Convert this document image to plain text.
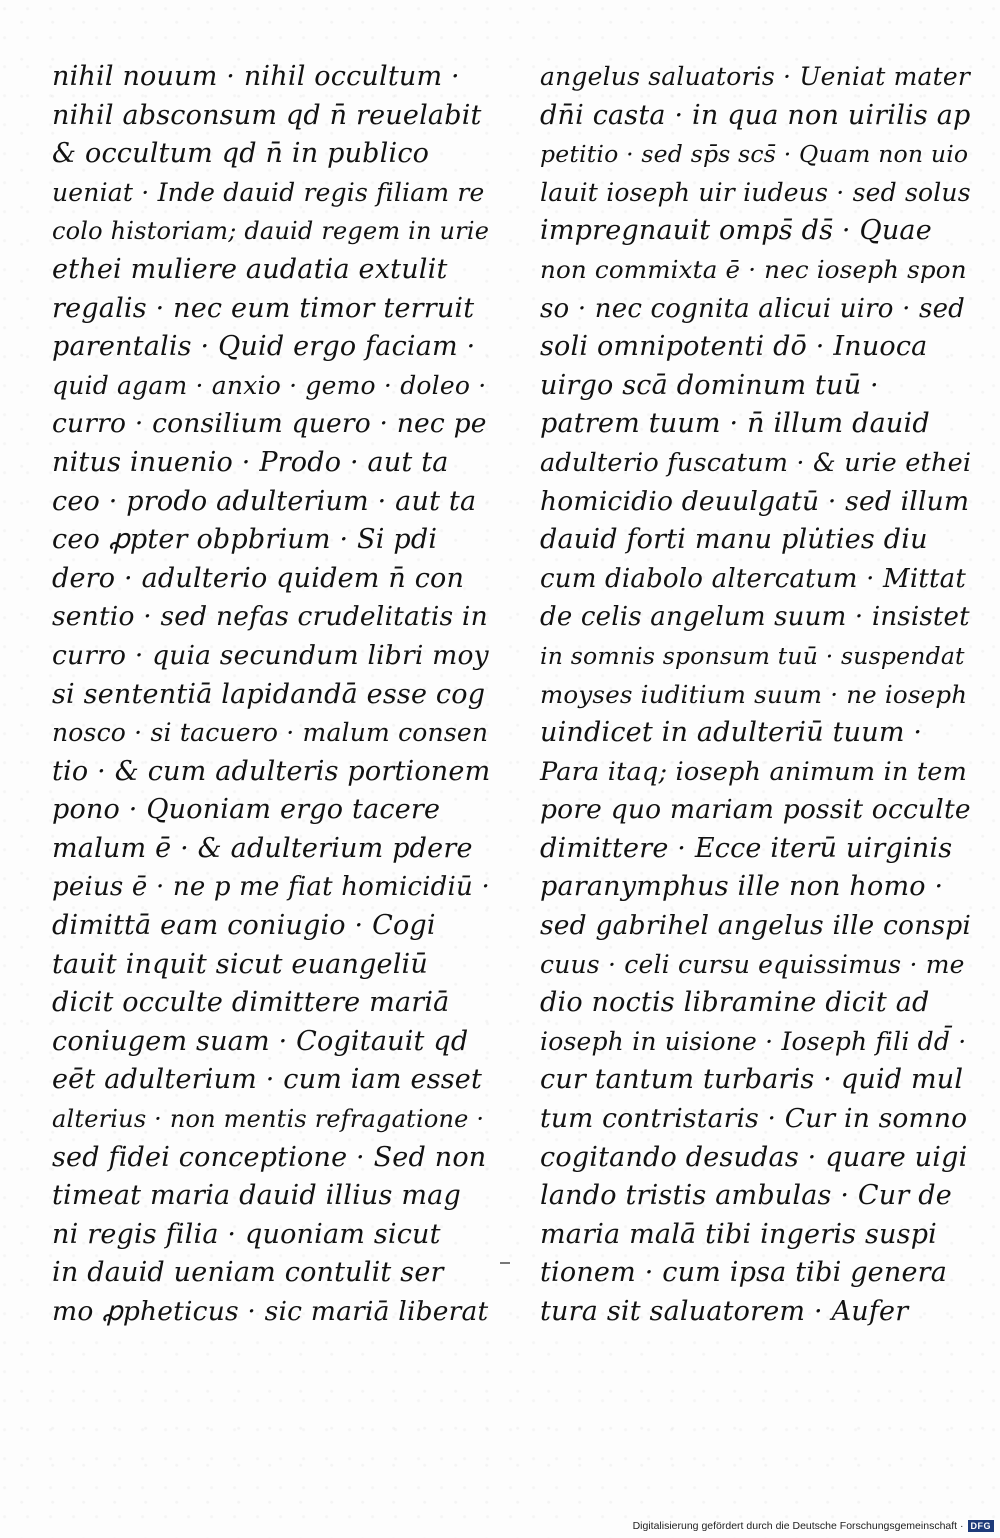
nihil nouum · nihil occultum ·
nihil absconsum qd n̄ reuelabit
& occultum qd n̄ in publico
ueniat · Inde dauid regis filiam re
colo historiam; dauid regem in urie
ethei muliere audatia extulit
regalis · nec eum timor terruit
parentalis · Quid ergo faciam ·
quid agam · anxio · gemo · doleo ·
curro · consilium quero · nec pe
nitus inuenio · Prodo · aut ta
ceo · prodo adulterium · aut ta
ceo ꝓpter obpbrium · Si pdi
dero · adulterio quidem n̄ con
sentio · sed nefas crudelitatis in
curro · quia secundum libri moy
si sententiā lapidandā esse cog
nosco · si tacuero · malum consen
tio · & cum adulteris portionem
pono · Quoniam ergo tacere
malum ē · & adulterium pdere
peius ē · ne p me fiat homicidiū ·
dimittā eam coniugio · Cogi
tauit inquit sicut euangeliū
dicit occulte dimittere mariā
coniugem suam · Cogitauit qd
eēt adulterium · cum iam esset
alterius · non mentis refragatione ·
sed fidei conceptione · Sed non
timeat maria dauid illius mag
ni regis filia · quoniam sicut
in dauid ueniam contulit ser
mo ꝓpheticus · sic mariā liberat
angelus saluatoris · Ueniat mater
dn̄i casta · in qua non uirilis ap
petitio · sed sp̄s scs̄ · Quam non uio
lauit ioseph uir iudeus · sed solus
impregnauit omps̄ ds̄ · Quae
non commixta ē · nec ioseph spon
so · nec cognita alicui uiro · sed
soli omnipotenti dō · Inuoca
uirgo scā dominum tuū ·
patrem tuum · n̄ illum dauid
adulterio fuscatum · & urie ethei
homicidio deuulgatū · sed illum
dauid forti manu plu̇ties diu
cum diabolo altercatum · Mittat
de celis angelum suum · insistet
in somnis sponsum tuū · suspendat
moyses iuditium suum · ne ioseph
uindicet in adulteriū tuum ·
Para itaq; ioseph animum in tem
pore quo mariam possit occulte
dimittere · Ecce iterū uirginis
paranymphus ille non homo ·
sed gabrihel angelus ille conspi
cuus · celi cursu equissimus · me
dio noctis libramine dicit ad
ioseph in uisione · Ioseph fili dd̄ ·
cur tantum turbaris · quid mul
tum contristaris · Cur in somno
cogitando desudas · quare uigi
lando tristis ambulas · Cur de
maria malā tibi ingeris suspi
tionem · cum ipsa tibi genera
tura sit saluatorem · Aufer
Digitalisierung gefördert durch die Deutsche Forschungsgemeinschaft · DFG
